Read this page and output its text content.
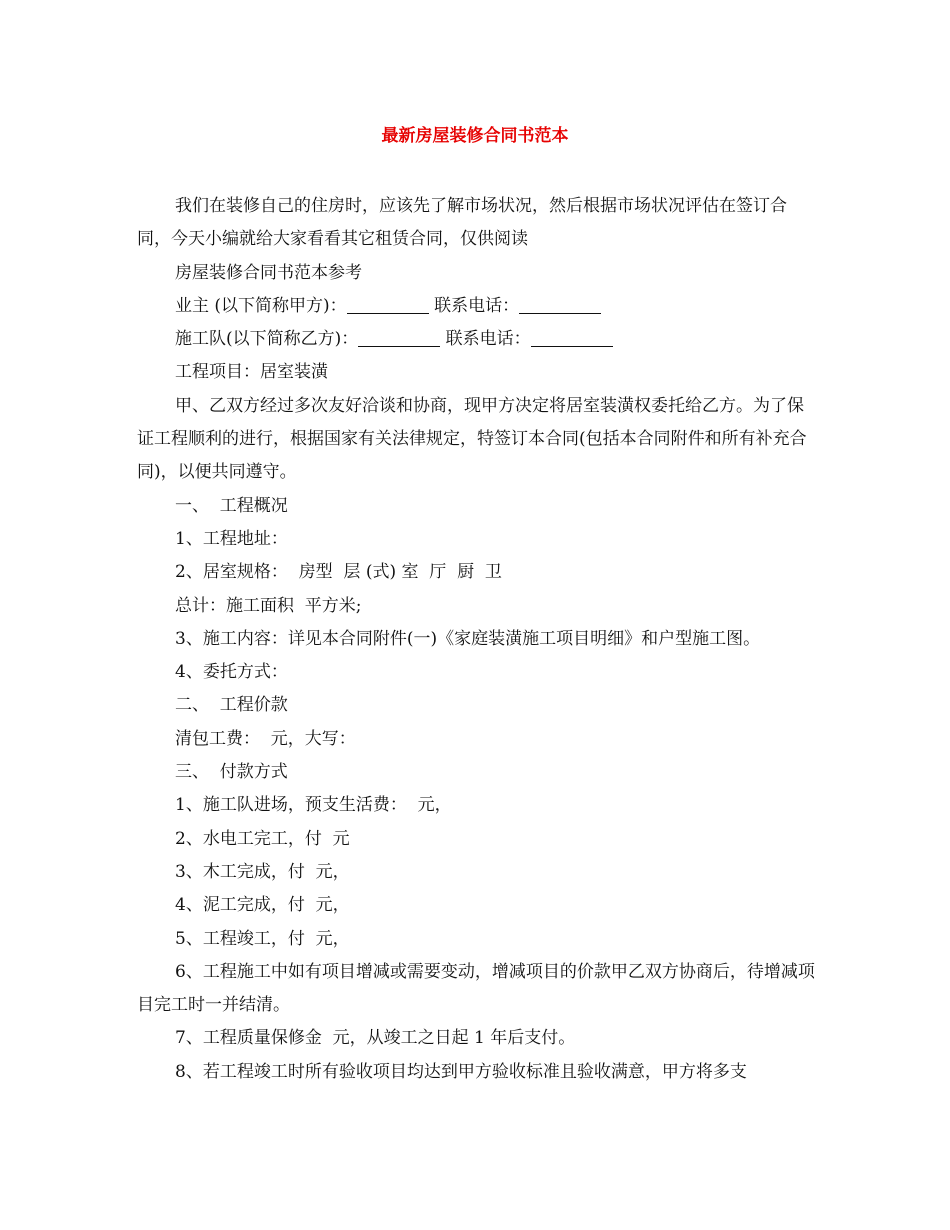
最新房屋装修合同书范本

我们在装修自己的住房时，应该先了解市场状况，然后根据市场状况评估在签订合同，今天小编就给大家看看其它租赁合同，仅供阅读

房屋装修合同书范本参考

业主 (以下简称甲方)：	联系电话：

施工队(以下简称乙方)：	联系电话：

工程项目：居室装潢

甲、乙双方经过多次友好洽谈和协商，现甲方决定将居室装潢权委托给乙方。为了保证工程顺利的进行，根据国家有关法律规定，特签订本合同(包括本合同附件和所有补充合同)，以便共同遵守。

一、  工程概况

1、工程地址：

2、居室规格：  房型  层 (式) 室  厅  厨  卫

总计：施工面积  平方米;

3、施工内容：详见本合同附件(一)《家庭装潢施工项目明细》和户型施工图。

4、委托方式：

二、  工程价款

清包工费：  元，大写：

三、  付款方式

1、施工队进场，预支生活费：  元，

2、水电工完工，付  元

3、木工完成，付  元，

4、泥工完成，付  元，

5、工程竣工，付  元，

6、工程施工中如有项目增减或需要变动，增减项目的价款甲乙双方协商后，待增减项目完工时一并结清。

7、工程质量保修金  元，从竣工之日起 1 年后支付。

8、若工程竣工时所有验收项目均达到甲方验收标准且验收满意，甲方将多支
